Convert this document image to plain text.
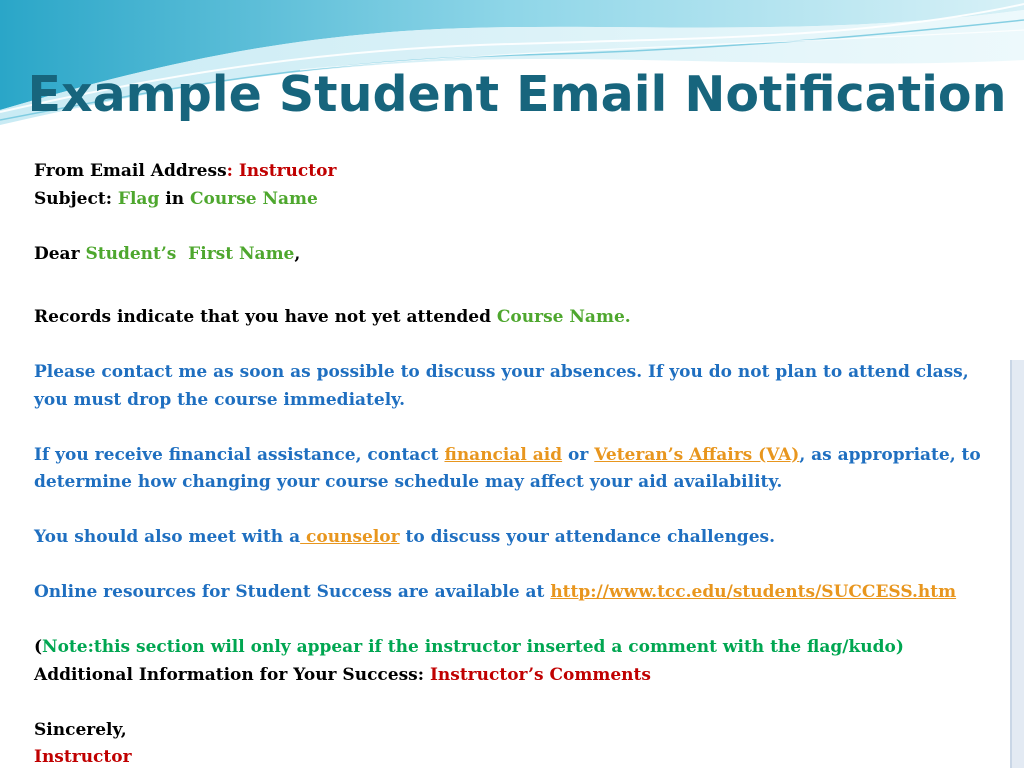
Example Student Email Notification

From Email Address: Instructor

Subject: Flag in Course Name

Dear Student’s  First Name,

Records indicate that you have not yet attended Course Name.

Please contact me as soon as possible to discuss your absences. If you do not plan to attend class, you must drop the course immediately.

If you receive financial assistance, contact financial aid or Veteran’s Affairs (VA), as appropriate, to determine how changing your course schedule may affect your aid availability.

You should also meet with a counselor to discuss your attendance challenges.

Online resources for Student Success are available at http://www.tcc.edu/students/SUCCESS.htm

(Note:this section will only appear if the instructor inserted a comment with the flag/kudo)

Additional Information for Your Success: Instructor’s Comments

Sincerely,

Instructor
